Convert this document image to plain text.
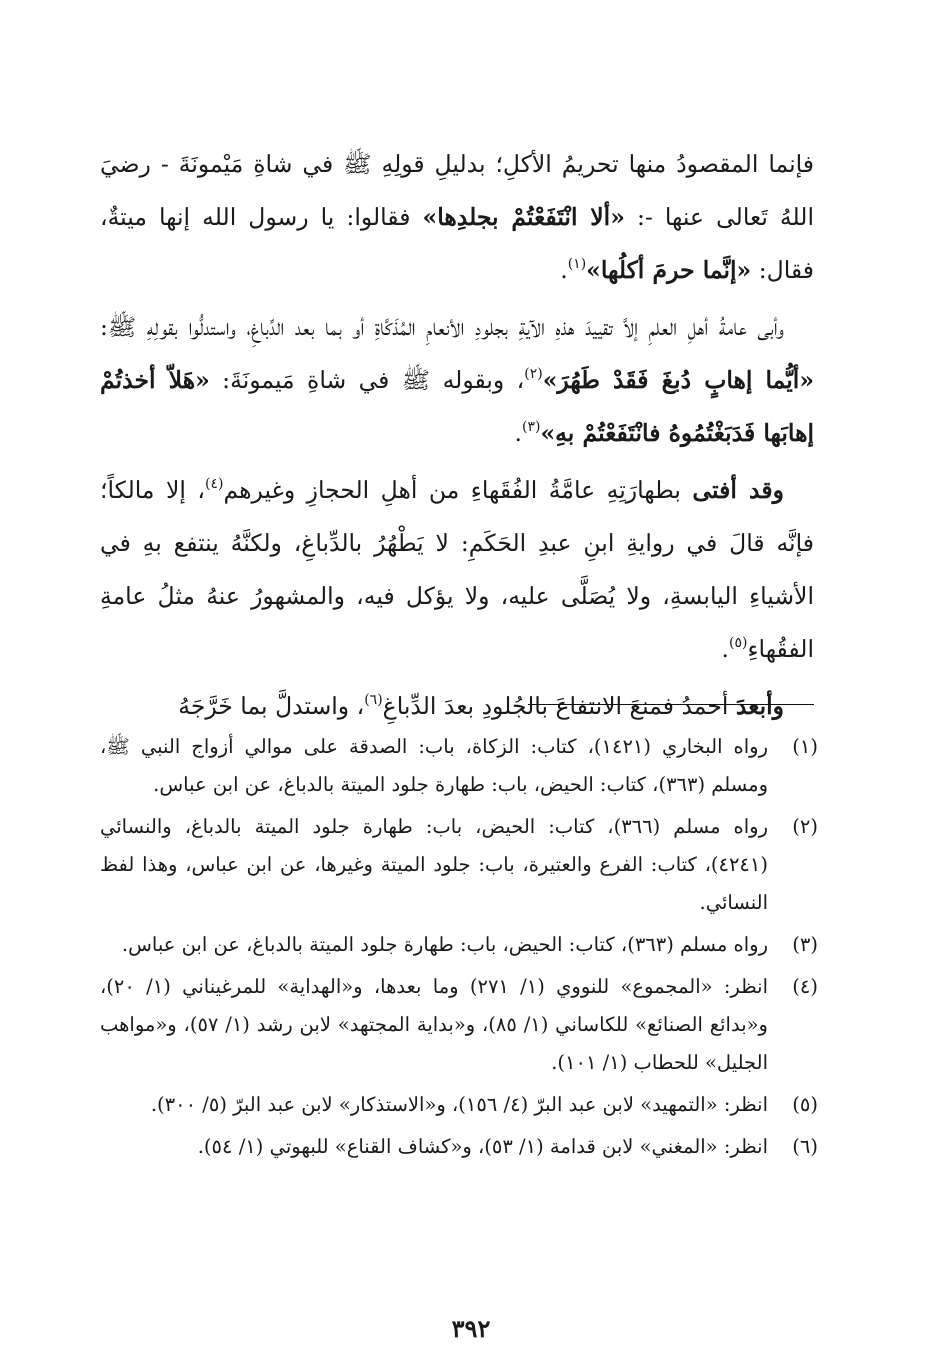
فإنما المقصودُ منها تحريمُ الأكلِ؛ بدليلِ قولِهِ ﷺ في شاةِ مَيْمونَةَ - رضيَ اللهُ تَعالى عنها -: «ألا انْتَفَعْتُمْ بجلدِها» فقالوا: يا رسول الله إنها ميتةٌ، فقال: «إنَّما حرمَ أكلُها»$^{(١)}$.

وأبى عامةُ أهلِ العلمِ إلاَّ تقييدَ هذهِ الآيةِ بجلودِ الأنعامِ المُذَكَّاةِ أو بما بعد الدِّباغِ، واستدلُّوا بقولِهِ ﷺ: «أيُّما إهابٍ دُبغَ فَقَدْ طَهُرَ»$^{(٢)}$، وبقوله ﷺ في شاةِ مَيمونَةَ: «هَلاّ أخذتُمْ إهابَها فَدَبَغْتُمُوهُ فانْتَفَعْتُمْ بهِ»$^{(٣)}$.

وقد أفتى بطهارَتِهِ عامَّةُ الفُقَهاءِ من أهلِ الحجازِ وغيرهم$^{(٤)}$، إلا مالكاً؛ فإنَّه قالَ في روايةِ ابنِ عبدِ الحَكَمِ: لا يَطْهُرُ بالدِّباغِ، ولكنَّهُ ينتفع بهِ في الأشياءِ اليابسةِ، ولا يُصَلَّى عليه، ولا يؤكل فيه، والمشهورُ عنهُ مثلُ عامةِ الفقُهاءِ$^{(٥)}$.

وأبعدَ أحمدُ فمنعَ الانتفاعَ بالجُلودِ بعدَ الدِّباغِ$^{(٦)}$، واستدلَّ بما خَرَّجَهُ

(١)
رواه البخاري (١٤٢١)، كتاب: الزكاة، باب: الصدقة على موالي أزواج النبي ﷺ، ومسلم (٣٦٣)، كتاب: الحيض، باب: طهارة جلود الميتة بالدباغ، عن ابن عباس.
(٢)
رواه مسلم (٣٦٦)، كتاب: الحيض، باب: طهارة جلود الميتة بالدباغ، والنسائي (٤٢٤١)، كتاب: الفرع والعتيرة، باب: جلود الميتة وغيرها، عن ابن عباس، وهذا لفظ النسائي.
(٣)
رواه مسلم (٣٦٣)، كتاب: الحيض، باب: طهارة جلود الميتة بالدباغ، عن ابن عباس.
(٤)
انظر: «المجموع» للنووي (١/ ٢٧١) وما بعدها، و«الهداية» للمرغيناني (١/ ٢٠)، و«بدائع الصنائع» للكاساني (١/ ٨٥)، و«بداية المجتهد» لابن رشد (١/ ٥٧)، و«مواهب الجليل» للحطاب (١/ ١٠١).
(٥)
انظر: «التمهيد» لابن عبد البرّ (٤/ ١٥٦)، و«الاستذكار» لابن عبد البرّ (٥/ ٣٠٠).
(٦)
انظر: «المغني» لابن قدامة (١/ ٥٣)، و«كشاف القناع» للبهوتي (١/ ٥٤).
٣٩٢
